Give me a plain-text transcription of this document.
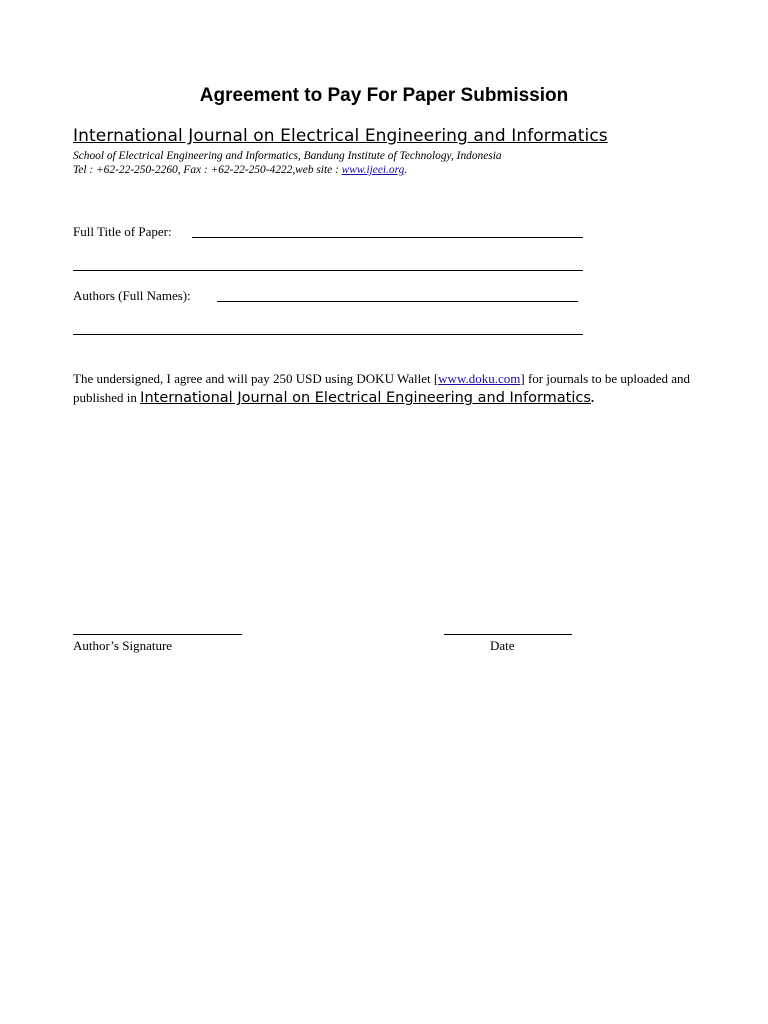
Agreement to Pay For Paper Submission
International Journal on Electrical Engineering and Informatics
School of Electrical Engineering and Informatics, Bandung Institute of Technology, Indonesia
Tel : +62-22-250-2260, Fax : +62-22-250-4222,web site : www.ijeei.org.
Full Title of Paper:
Authors (Full Names):
The undersigned, I agree and will pay 250 USD using DOKU Wallet [www.doku.com] for journals to be uploaded and published in International Journal on Electrical Engineering and Informatics.
Author’s Signature	Date
